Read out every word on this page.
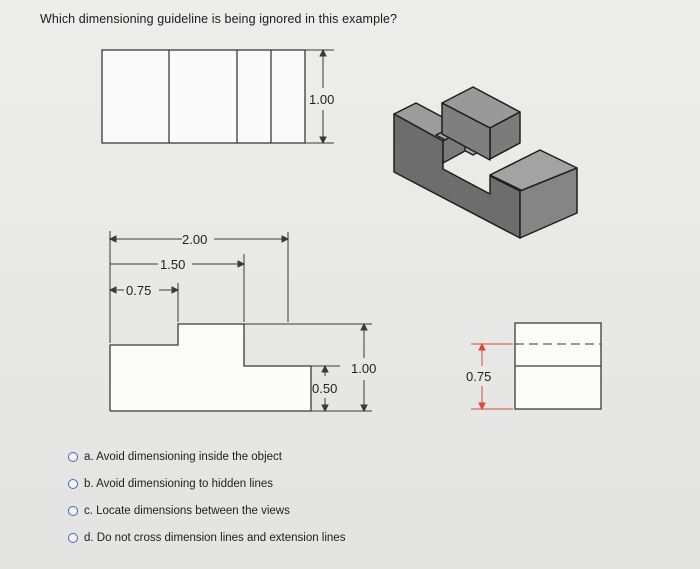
Which dimensioning guideline is being ignored in this example?
1.00
2.00
1.50
0.75
0.50
1.00
0.75
a. Avoid dimensioning inside the object
b. Avoid dimensioning to hidden lines
c. Locate dimensions between the views
d. Do not cross dimension lines and extension lines
